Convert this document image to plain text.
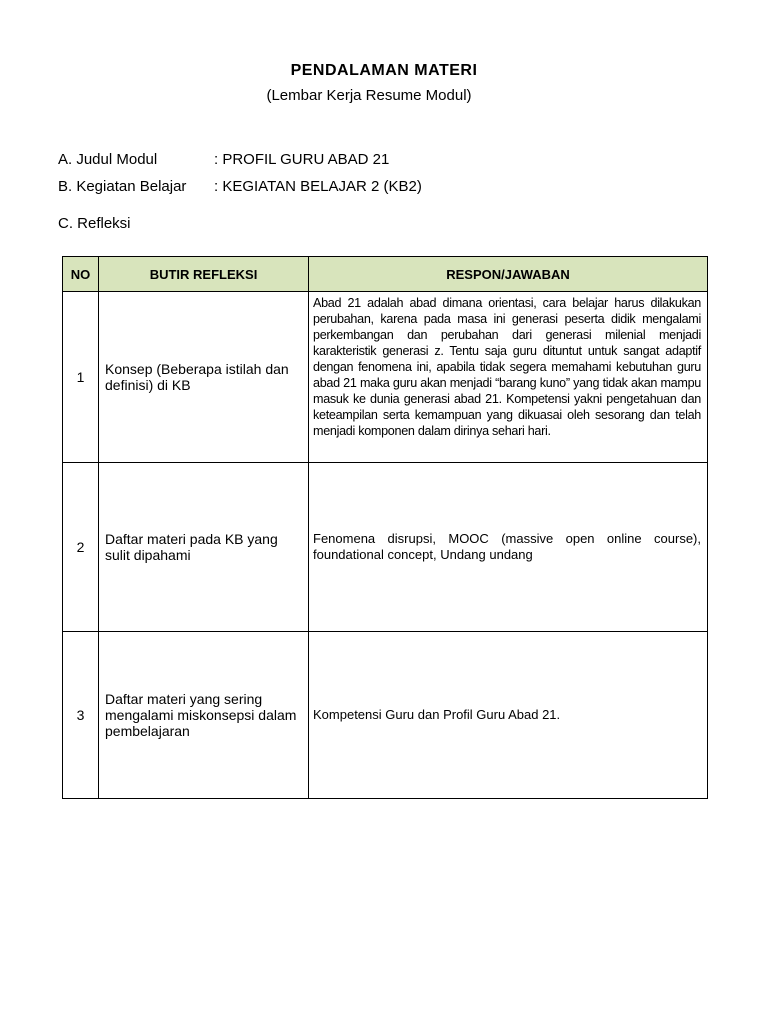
PENDALAMAN MATERI
(Lembar Kerja Resume Modul)
A. Judul Modul	: PROFIL GURU ABAD 21
B. Kegiatan Belajar : KEGIATAN BELAJAR 2 (KB2)
C. Refleksi
NO	BUTIR REFLEKSI	RESPON/JAWABAN
1	Konsep (Beberapa istilah dan definisi) di KB	Abad 21 adalah abad dimana orientasi, cara belajar harus dilakukan perubahan, karena pada masa ini generasi peserta didik mengalami perkembangan dan perubahan dari generasi milenial menjadi karakteristik generasi z. Tentu saja guru dituntut untuk sangat adaptif dengan fenomena ini, apabila tidak segera memahami kebutuhan guru abad 21 maka guru akan menjadi “barang kuno” yang tidak akan mampu masuk ke dunia generasi abad 21. Kompetensi yakni pengetahuan dan keteampilan serta kemampuan yang dikuasai oleh sesorang dan telah menjadi komponen dalam dirinya sehari hari.
2	Daftar materi pada KB yang sulit dipahami	Fenomena disrupsi, MOOC (massive open online course), foundational concept, Undang undang
3	Daftar materi yang sering mengalami miskonsepsi dalam pembelajaran	Kompetensi Guru dan Profil Guru Abad 21.
